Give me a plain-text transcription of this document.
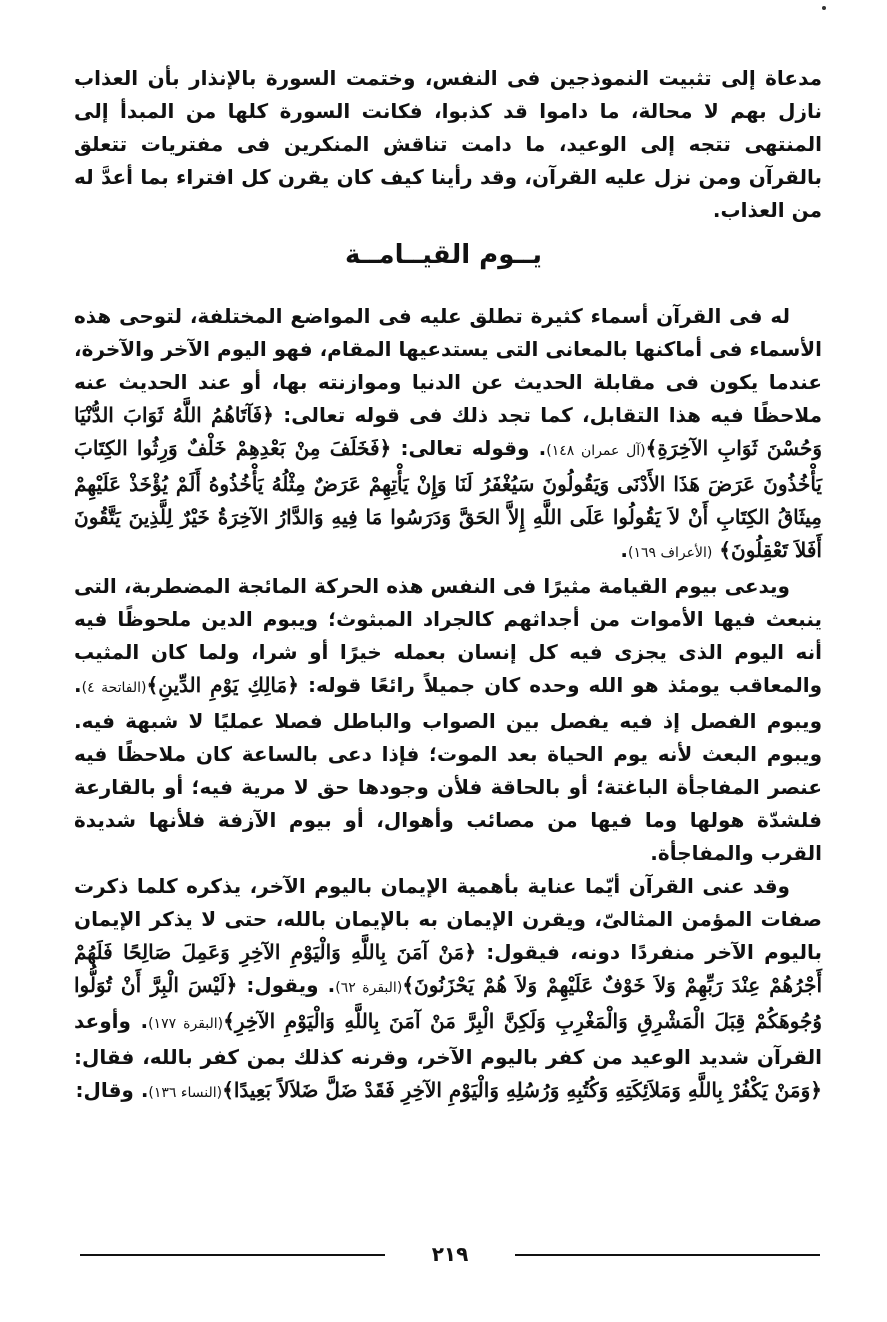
مدعاة إلى تثبيت النموذجين فى النفس، وختمت السورة بالإنذار بأن العذاب نازل بهم لا محالة، ما داموا قد كذبوا، فكانت السورة كلها من المبدأ إلى المنتهى تتجه إلى الوعيد، ما دامت تناقش المنكرين فى مفتريات تتعلق بالقرآن ومن نزل عليه القرآن، وقد رأينا كيف كان يقرن كل افتراء بما أعدَّ له من العذاب.
يــوم القيــامــة

له فى القرآن أسماء كثيرة تطلق عليه فى المواضع المختلفة، لتوحى هذه الأسماء فى أماكنها بالمعانى التى يستدعيها المقام، فهو اليوم الآخر والآخرة، عندما يكون فى مقابلة الحديث عن الدنيا وموازنته بها، أو عند الحديث عنه ملاحظًا فيه هذا التقابل، كما تجد ذلك فى قوله تعالى: ﴿فَآتَاهُمُ اللَّهُ ثَوَابَ الدُّنْيَا وَحُسْنَ ثَوَابِ الآخِرَةِ﴾(آل عمران ١٤٨). وقوله تعالى: ﴿فَخَلَفَ مِنْ بَعْدِهِمْ خَلْفٌ وَرِثُوا الكِتَابَ يَأْخُذُونَ عَرَضَ هَذَا الأَدْنَى وَيَقُولُونَ سَيُغْفَرُ لَنَا وَإِنْ يَأْتِهِمْ عَرَضٌ مِثْلُهُ يَأْخُذُوهُ أَلَمْ يُؤْخَذْ عَلَيْهِمْ مِيثَاقُ الكِتَابِ أَنْ لاَ يَقُولُوا عَلَى اللَّهِ إِلاَّ الحَقَّ وَدَرَسُوا مَا فِيهِ وَالدَّارُ الآخِرَةُ خَيْرٌ لِلَّذِينَ يَتَّقُونَ أَفَلاَ تَعْقِلُونَ﴾ (الأعراف ١٦٩).

ويدعى بيوم القيامة مثيرًا فى النفس هذه الحركة المائجة المضطربة، التى ينبعث فيها الأموات من أجداثهم كالجراد المبثوث؛ ويبوم الدين ملحوظًا فيه أنه اليوم الذى يجزى فيه كل إنسان بعمله خيرًا أو شرا، ولما كان المثيب والمعاقب يومئذ هو الله وحده كان جميلاً رائعًا قوله: ﴿مَالِكِ يَوْمِ الدِّينِ﴾(الفاتحة ٤). ويبوم الفصل إذ فيه يفصل بين الصواب والباطل فصلا عمليًا لا شبهة فيه. ويبوم البعث لأنه يوم الحياة بعد الموت؛ فإذا دعى بالساعة كان ملاحظًا فيه عنصر المفاجأة الباغتة؛ أو بالحاقة فلأن وجودها حق لا مرية فيه؛ أو بالقارعة فلشدّة هولها وما فيها من مصائب وأهوال، أو بيوم الآزفة فلأنها شديدة القرب والمفاجأة.

وقد عنى القرآن أيّما عناية بأهمية الإيمان باليوم الآخر، يذكره كلما ذكرت صفات المؤمن المثالىّ، ويقرن الإيمان به بالإيمان بالله، حتى لا يذكر الإيمان باليوم الآخر منفردًا دونه، فيقول: ﴿مَنْ آمَنَ بِاللَّهِ وَالْيَوْمِ الآخِرِ وَعَمِلَ صَالِحًا فَلَهُمْ أَجْرُهُمْ عِنْدَ رَبِّهِمْ وَلاَ خَوْفٌ عَلَيْهِمْ وَلاَ هُمْ يَحْزَنُونَ﴾(البقرة ٦٢). ويقول: ﴿لَيْسَ الْبِرَّ أَنْ تُوَلُّوا وُجُوهَكُمْ قِبَلَ الْمَشْرِقِ وَالْمَغْرِبِ وَلَكِنَّ الْبِرَّ مَنْ آمَنَ بِاللَّهِ وَالْيَوْمِ الآخِرِ﴾(البقرة ١٧٧). وأوعد القرآن شديد الوعيد من كفر باليوم الآخر، وقرنه كذلك بمن كفر بالله، فقال: ﴿وَمَنْ يَكْفُرْ بِاللَّهِ وَمَلاَئِكَتِهِ وَكُتُبِهِ وَرُسُلِهِ وَالْيَوْمِ الآخِرِ فَقَدْ ضَلَّ ضَلاَلاً بَعِيدًا﴾(النساء ١٣٦). وقال:

٢١٩
